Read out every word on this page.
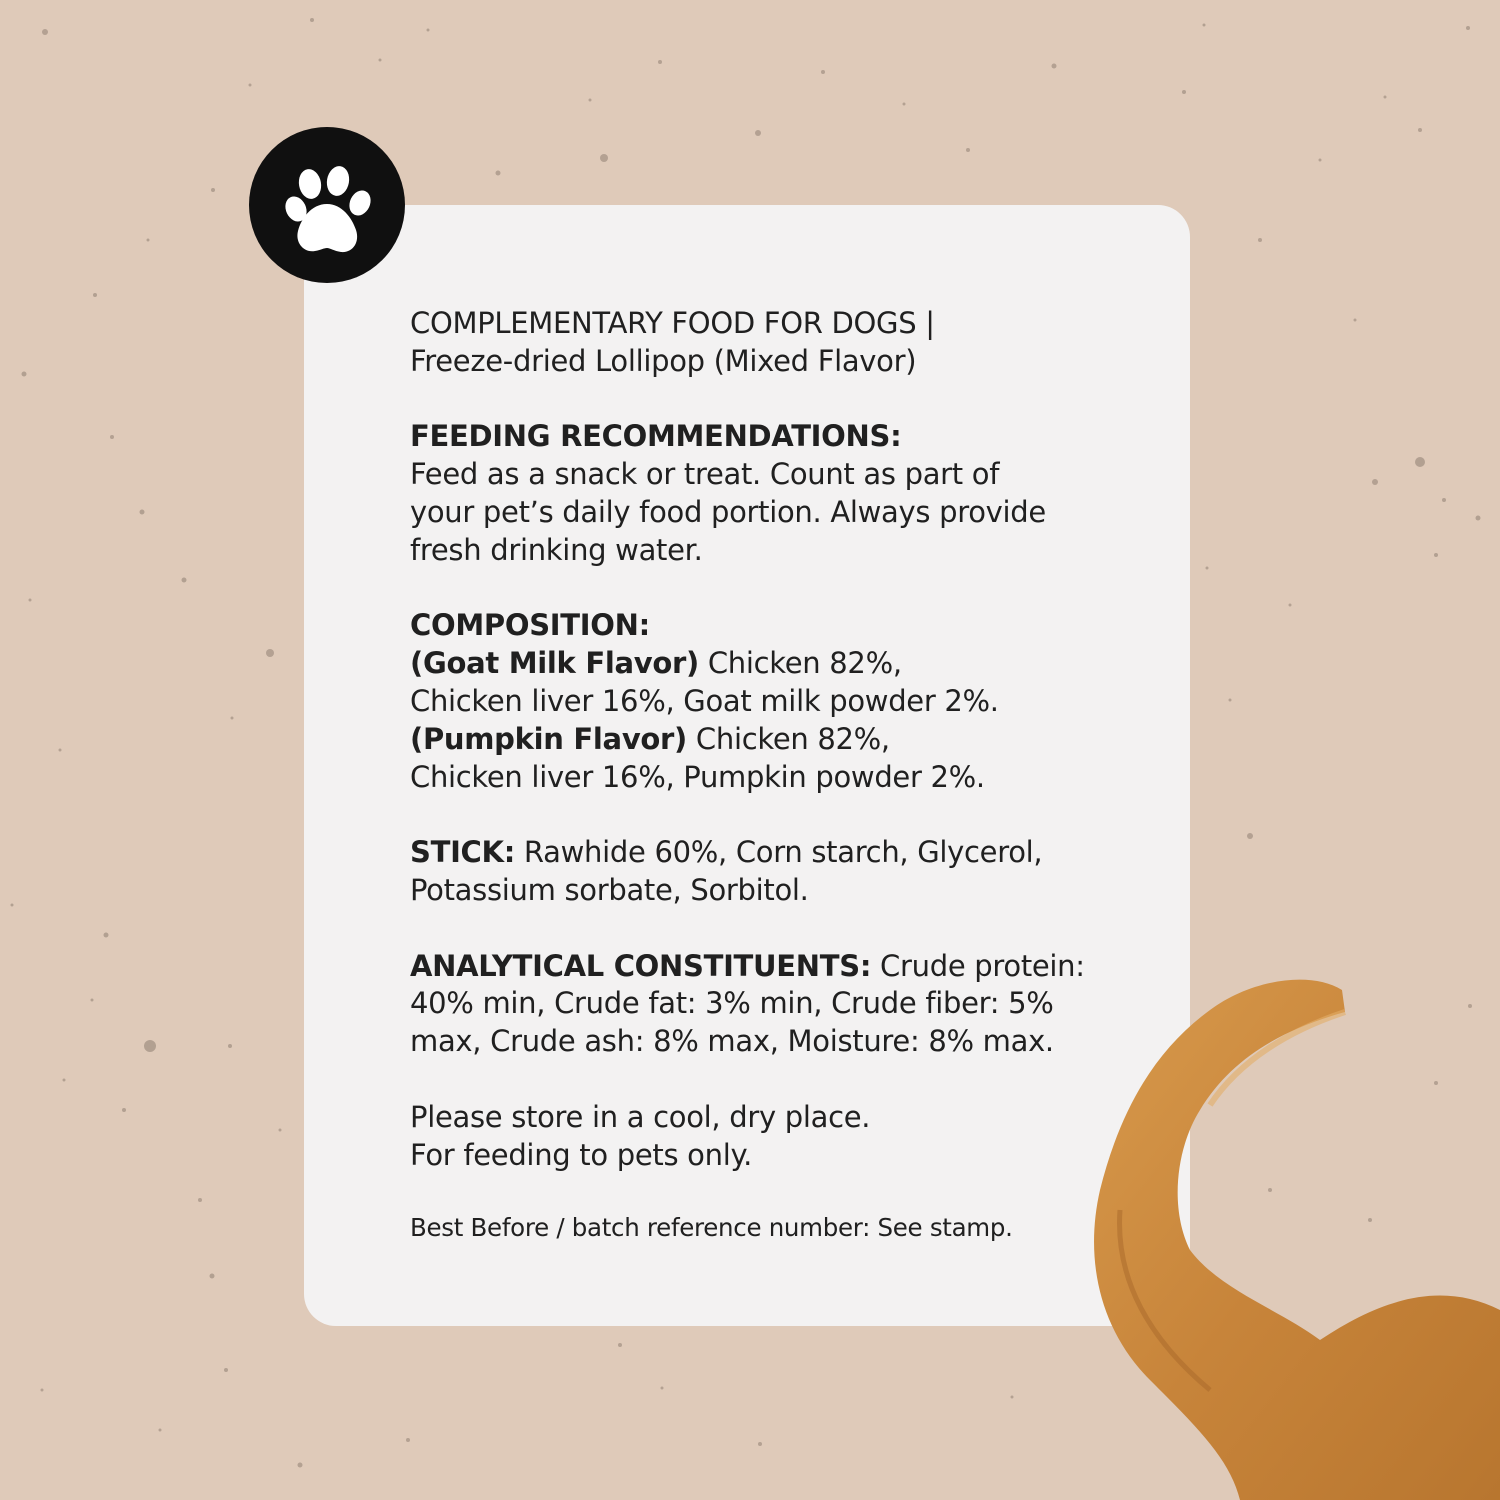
COMPLEMENTARY FOOD FOR DOGS |
Freeze-dried Lollipop (Mixed Flavor)

FEEDING RECOMMENDATIONS:
Feed as a snack or treat. Count as part of
your pet’s daily food portion. Always provide
fresh drinking water.

COMPOSITION:
(Goat Milk Flavor) Chicken 82%,
Chicken liver 16%, Goat milk powder 2%.
(Pumpkin Flavor) Chicken 82%,
Chicken liver 16%, Pumpkin powder 2%.

STICK: Rawhide 60%, Corn starch, Glycerol,
Potassium sorbate, Sorbitol.

ANALYTICAL CONSTITUENTS: Crude protein:
40% min, Crude fat: 3% min, Crude fiber: 5%
max, Crude ash: 8% max, Moisture: 8% max.

Please store in a cool, dry place.
For feeding to pets only.

Best Before / batch reference number: See stamp.
